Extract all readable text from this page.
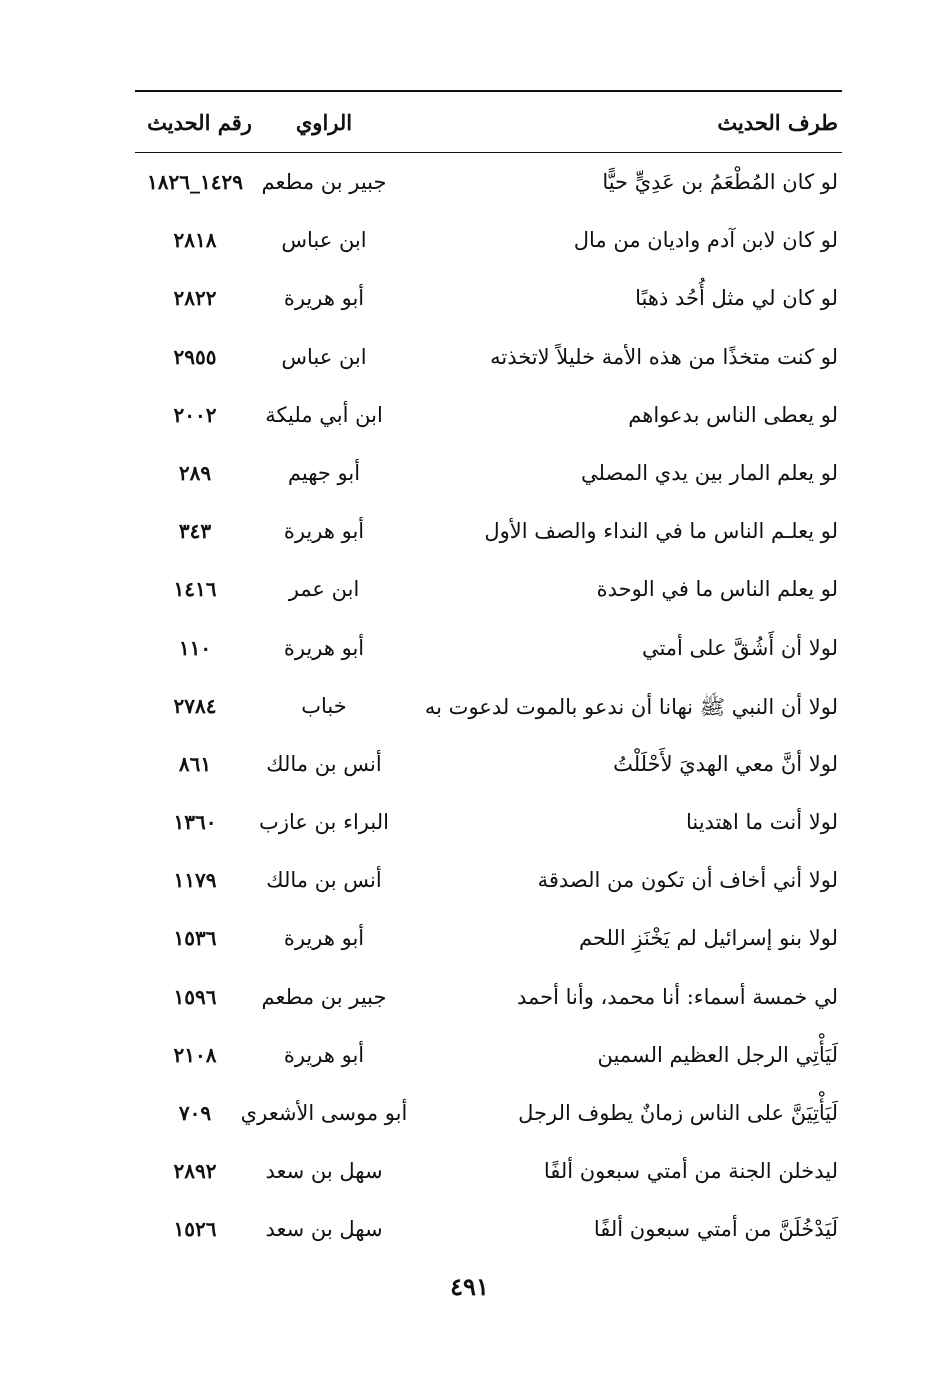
طرف الحديث
الراوي
رقم الحديث
لو كان المُطْعَمُ بن عَدِيٍّ حيًّا
جبير بن مطعم
١٤٢٩_١٨٢٦
لو كان لابن آدم واديان من مال
ابن عباس
٢٨١٨
لو كان لي مثل أُحُد ذهبًا
أبو هريرة
٢٨٢٢
لو كنت متخذًا من هذه الأمة خليلاً لاتخذته
ابن عباس
٢٩٥٥
لو يعطى الناس بدعواهم
ابن أبي مليكة
٢٠٠٢
لو يعلم المار بين يدي المصلي
أبو جهيم
٢٨٩
لو يعلـم الناس ما في النداء والصف الأول
أبو هريرة
٣٤٣
لو يعلم الناس ما في الوحدة
ابن عمر
١٤١٦
لولا أن أَشُقَّ على أمتي
أبو هريرة
١١٠
لولا أن النبي ﷺ نهانا أن ندعو بالموت لدعوت به
خباب
٢٧٨٤
لولا أنَّ معي الهديَ لأَحْلَلْتُ
أنس بن مالك
٨٦١
لولا أنت ما اهتدينا
البراء بن عازب
١٣٦٠
لولا أني أخاف أن تكون من الصدقة
أنس بن مالك
١١٧٩
لولا بنو إسرائيل لم يَخْنَزِ اللحم
أبو هريرة
١٥٣٦
لي خمسة أسماء: أنا محمد، وأنا أحمد
جبير بن مطعم
١٥٩٦
لَيَأْتِي الرجل العظيم السمين
أبو هريرة
٢١٠٨
لَيَأْتِيَنَّ على الناس زمانٌ يطوف الرجل
أبو موسى الأشعري
٧٠٩
ليدخلن الجنة من أمتي سبعون ألفًا
سهل بن سعد
٢٨٩٢
لَيَدْخُلَنَّ من أمتي سبعون ألفًا
سهل بن سعد
١٥٢٦
٤٩١
